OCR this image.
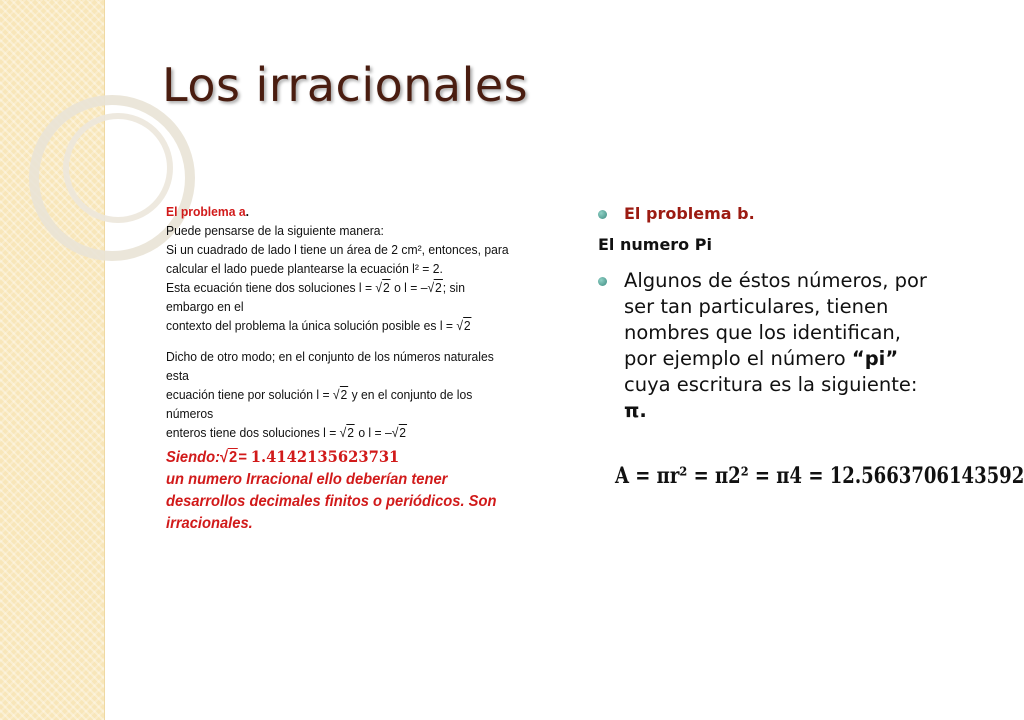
Los irracionales

El problema a.

Puede pensarse de la siguiente manera:

Si un cuadrado de lado l tiene un área de 2 cm², entonces, para

calcular el lado puede plantearse la ecuación l² = 2.

Esta ecuación tiene dos soluciones l = √2 o l = –√2; sin embargo en el

contexto del problema la única solución posible es l = √2

Dicho de otro modo; en el conjunto de los números naturales esta

ecuación tiene por solución l = √2 y en el conjunto de los números

enteros tiene dos soluciones l = √2 o l = –√2

Siendo:√2= 1.4142135623731

un numero Irracional ello deberían tener

desarrollos decimales finitos o periódicos. Son

irracionales.

El problema b.

El numero Pi

Algunos de éstos números, por ser tan particulares, tienen nombres que los identifican, por ejemplo el número “pi” cuya escritura es la siguiente: π.
A = πr² = π2² = π4 = 12.5663706143592
